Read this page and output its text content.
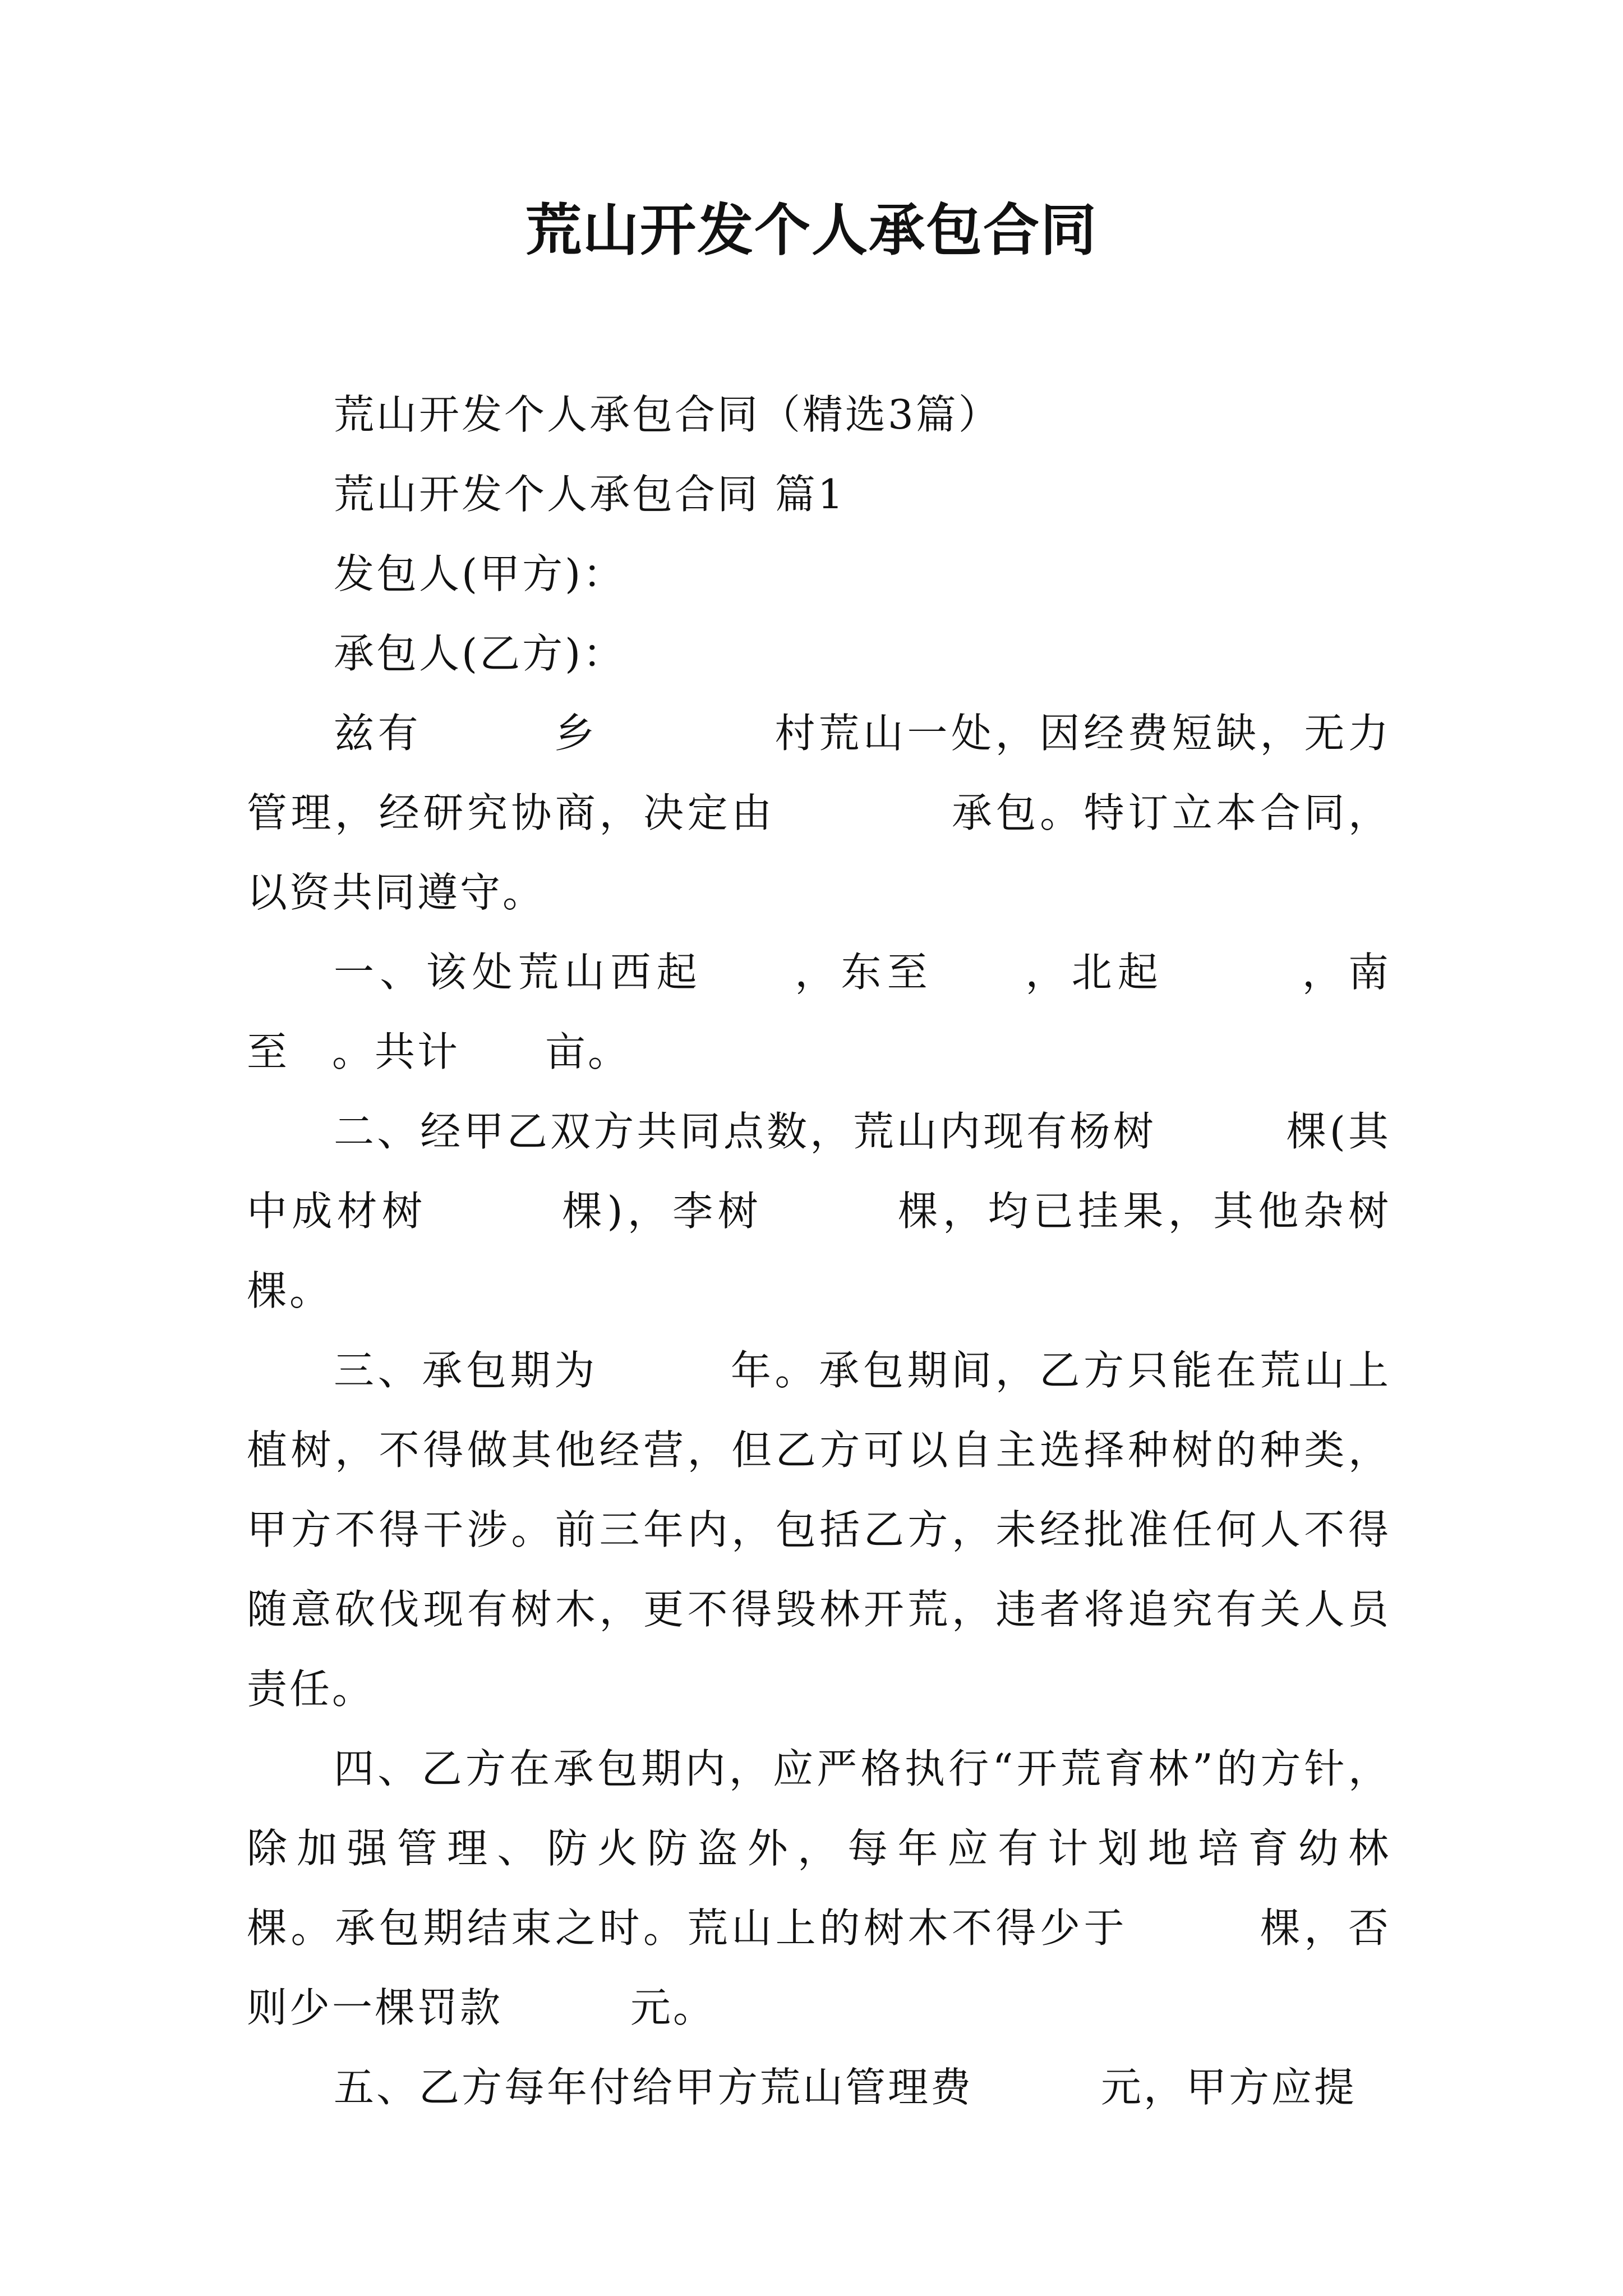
荒山开发个人承包合同

荒山开发个人承包合同（精选3篇）

荒山开发个人承包合同 篇1

发包人(甲方)：

承包人(乙方)：

兹有　　　乡　　　　村荒山一处，因经费短缺，无力管理，经研究协商，决定由　　　　承包。特订立本合同，以资共同遵守。

一、该处荒山西起　　，东至　　，北起　　　，南至　。共计　　亩。

二、经甲乙双方共同点数，荒山内现有杨树　　　棵(其中成材树　　　棵)，李树　　　棵，均已挂果，其他杂树　　棵。

三、承包期为　　　年。承包期间，乙方只能在荒山上植树，不得做其他经营，但乙方可以自主选择种树的种类，甲方不得干涉。前三年内，包括乙方，未经批准任何人不得随意砍伐现有树木，更不得毁林开荒，违者将追究有关人员责任。

四、乙方在承包期内，应严格执行“开荒育林”的方针，除加强管理、防火防盗外，每年应有计划地培育幼林　　　　棵。承包期结束之时。荒山上的树木不得少于　　　棵，否则少一棵罚款　　　元。

五、乙方每年付给甲方荒山管理费　　　元，甲方应提
